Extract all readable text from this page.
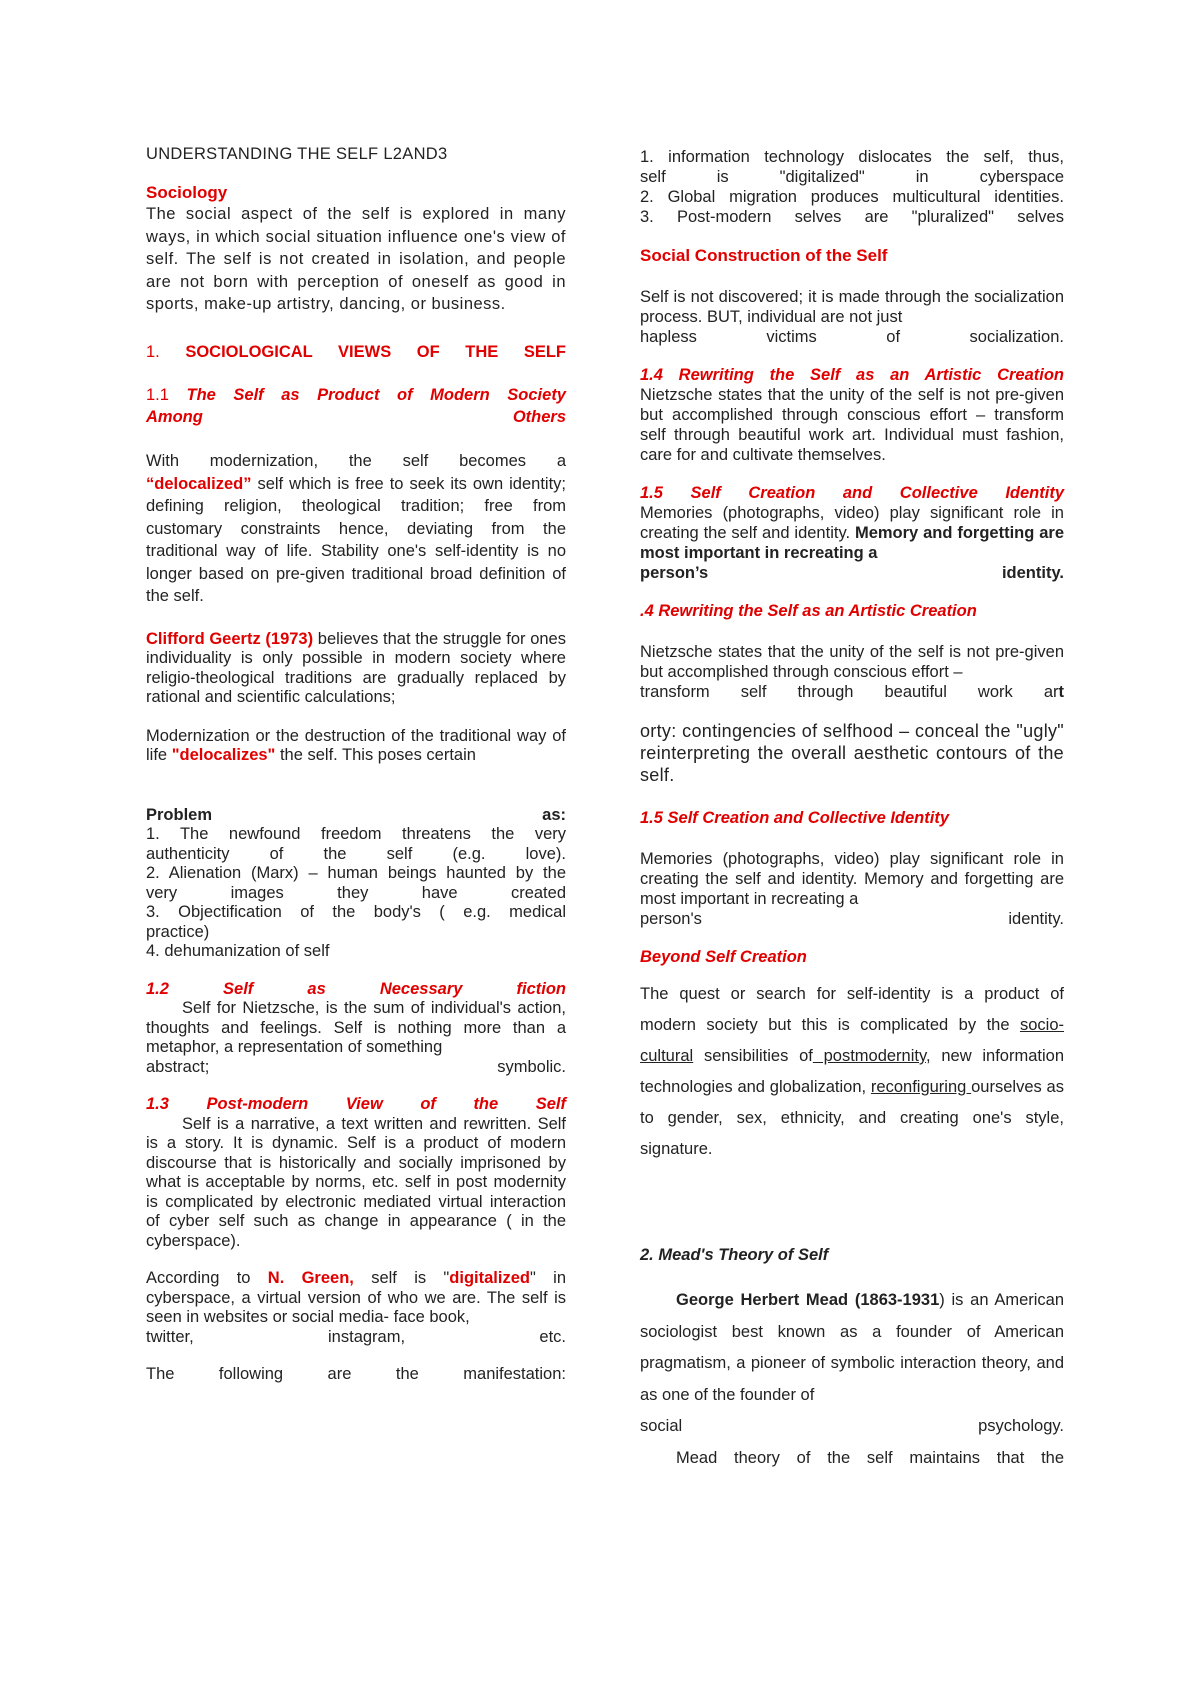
UNDERSTANDING THE SELF L2AND3

Sociology

The social aspect of the self is explored in many ways, in which social situation influence one's view of self. The self is not created in isolation, and people are not born with perception of oneself as good in sports, make-up artistry, dancing, or business.

1. SOCIOLOGICAL VIEWS OF THE SELF

1.1 The Self as Product of Modern Society

Among	Others

With modernization, the self becomes a
“delocalized” self which is free to seek its own identity; defining religion, theological tradition; free from customary constraints hence, deviating from the traditional way of life. Stability one's self-identity is no longer based on pre-given traditional broad definition of the self.

Clifford Geertz (1973) believes that the struggle for ones individuality is only possible in modern society where religio-theological traditions are gradually replaced by rational and scientific calculations;

Modernization or the destruction of the traditional way of life "delocalizes" the self. This poses certain

Problem	as:

1. The newfound freedom threatens the very

authenticity of the self (e.g. love).

2. Alienation (Marx) – human beings haunted by the

very images they have created

3. Objectification of the body's ( e.g. medical

practice)

4. dehumanization of self

1.2 Self as Necessary fiction

Self for Nietzsche, is the sum of individual's action, thoughts and feelings. Self is nothing more than a metaphor, a representation of something

abstract; symbolic.

1.3 Post-modern View of the Self

Self is a narrative, a text written and rewritten. Self is a story. It is dynamic. Self is a product of modern discourse that is historically and socially imprisoned by what is acceptable by norms, etc. self in post modernity is complicated by electronic mediated virtual interaction of cyber self such as change in appearance ( in the cyberspace).

According to N. Green, self is "digitalized" in cyberspace, a virtual version of who we are. The self is seen in websites or social media- face book,

twitter, instagram, etc.

The following are the manifestation:

1. information technology dislocates the self, thus,

self is "digitalized" in cyberspace

2. Global migration produces multicultural identities.

3. Post-modern selves are "pluralized" selves

Social Construction of the Self

Self is not discovered; it is made through the socialization process. BUT, individual are not just

hapless victims of socialization.

1.4 Rewriting the Self as an Artistic Creation

Nietzsche states that the unity of the self is not pre-given but accomplished through conscious effort – transform self through beautiful work art. Individual must fashion, care for and cultivate themselves.

1.5 Self Creation and Collective Identity

Memories (photographs, video) play significant role in creating the self and identity. Memory and forgetting are most important in recreating a

person’s identity.

.4 Rewriting the Self as an Artistic Creation

Nietzsche states that the unity of the self is not pre-given but accomplished through conscious effort –

transform self through beautiful work art

orty: contingencies of selfhood – conceal the "ugly" reinterpreting the overall aesthetic contours of the self.

1.5 Self Creation and Collective Identity

Memories (photographs, video) play significant role in creating the self and identity. Memory and forgetting are most important in recreating a

person's identity.

Beyond Self Creation

The quest or search for self-identity is a product of modern society but this is complicated by the socio-cultural sensibilities of postmodernity, new information technologies and globalization, reconfiguring ourselves as to gender, sex, ethnicity, and creating one's style, signature.

2. Mead's Theory of Self

George Herbert Mead (1863-1931) is an American sociologist best known as a founder of American pragmatism, a pioneer of symbolic interaction theory, and as one of the founder of

social psychology.

Mead theory of the self maintains that the
